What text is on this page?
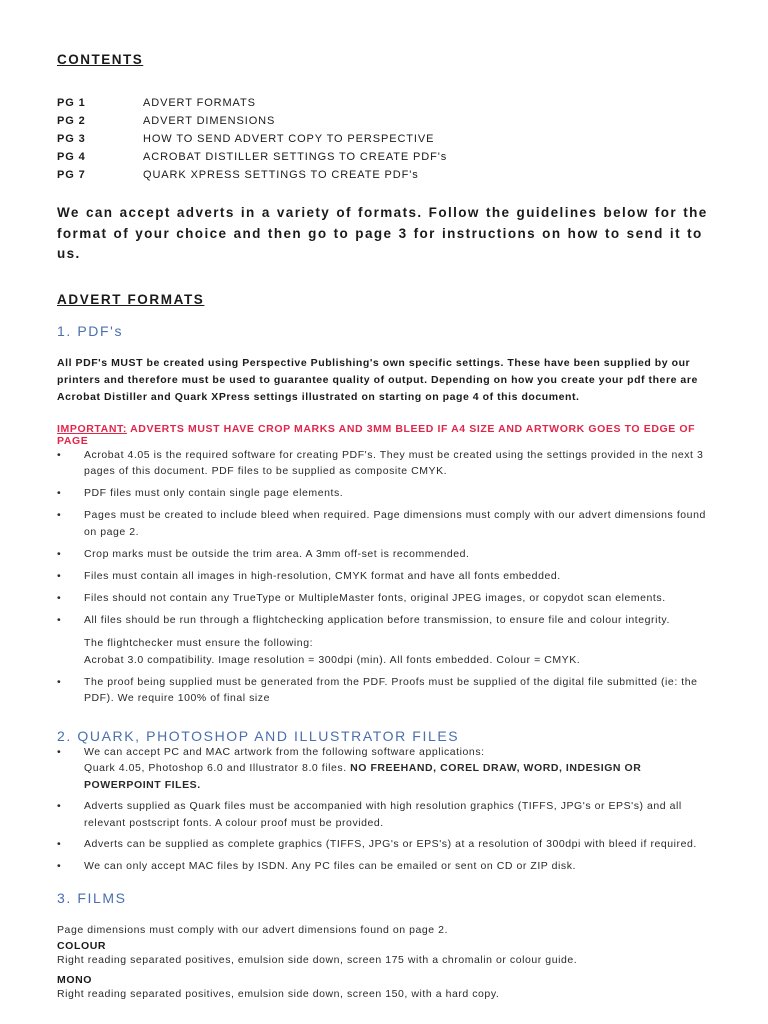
CONTENTS
PG 1	ADVERT FORMATS
PG 2	ADVERT DIMENSIONS
PG 3	HOW TO SEND ADVERT COPY TO PERSPECTIVE
PG 4	ACROBAT DISTILLER SETTINGS TO CREATE PDF's
PG 7	QUARK XPRESS SETTINGS TO CREATE PDF's

We can accept adverts in a variety of formats. Follow the guidelines below for the format of your choice and then go to page 3 for instructions on how to send it to us.

ADVERT FORMATS
1. PDF's

All PDF's MUST be created using Perspective Publishing's own specific settings. These have been supplied by our printers and therefore must be used to guarantee quality of output. Depending on how you create your pdf there are Acrobat Distiller and Quark XPress settings illustrated on starting on page 4 of this document.

IMPORTANT: ADVERTS MUST HAVE CROP MARKS AND 3MM BLEED IF A4 SIZE AND ARTWORK GOES TO EDGE OF PAGE
• Acrobat 4.05 is the required software for creating PDF's. They must be created using the settings provided in the next 3 pages of this document. PDF files to be supplied as composite CMYK.
• PDF files must only contain single page elements.
• Pages must be created to include bleed when required. Page dimensions must comply with our advert dimensions found on page 2.
• Crop marks must be outside the trim area. A 3mm off-set is recommended.
• Files must contain all images in high-resolution, CMYK format and have all fonts embedded.
• Files should not contain any TrueType or MultipleMaster fonts, original JPEG images, or copydot scan elements.
• All files should be run through a flightchecking application before transmission, to ensure file and colour integrity.
The flightchecker must ensure the following:
Acrobat 3.0 compatibility. Image resolution = 300dpi (min). All fonts embedded. Colour = CMYK.
• The proof being supplied must be generated from the PDF. Proofs must be supplied of the digital file submitted (ie: the PDF). We require 100% of final size
2. QUARK, PHOTOSHOP AND ILLUSTRATOR FILES
• We can accept PC and MAC artwork from the following software applications:
Quark 4.05, Photoshop 6.0 and Illustrator 8.0 files. NO FREEHAND, COREL DRAW, WORD, INDESIGN OR POWERPOINT FILES.
• Adverts supplied as Quark files must be accompanied with high resolution graphics (TIFFS, JPG's or EPS's) and all relevant postscript fonts. A colour proof must be provided.
• Adverts can be supplied as complete graphics (TIFFS, JPG's or EPS's) at a resolution of 300dpi with bleed if required.
• We can only accept MAC files by ISDN. Any PC files can be emailed or sent on CD or ZIP disk.
3. FILMS

Page dimensions must comply with our advert dimensions found on page 2.

COLOUR

Right reading separated positives, emulsion side down, screen 175 with a chromalin or colour guide.

MONO

Right reading separated positives, emulsion side down, screen 150, with a hard copy.
